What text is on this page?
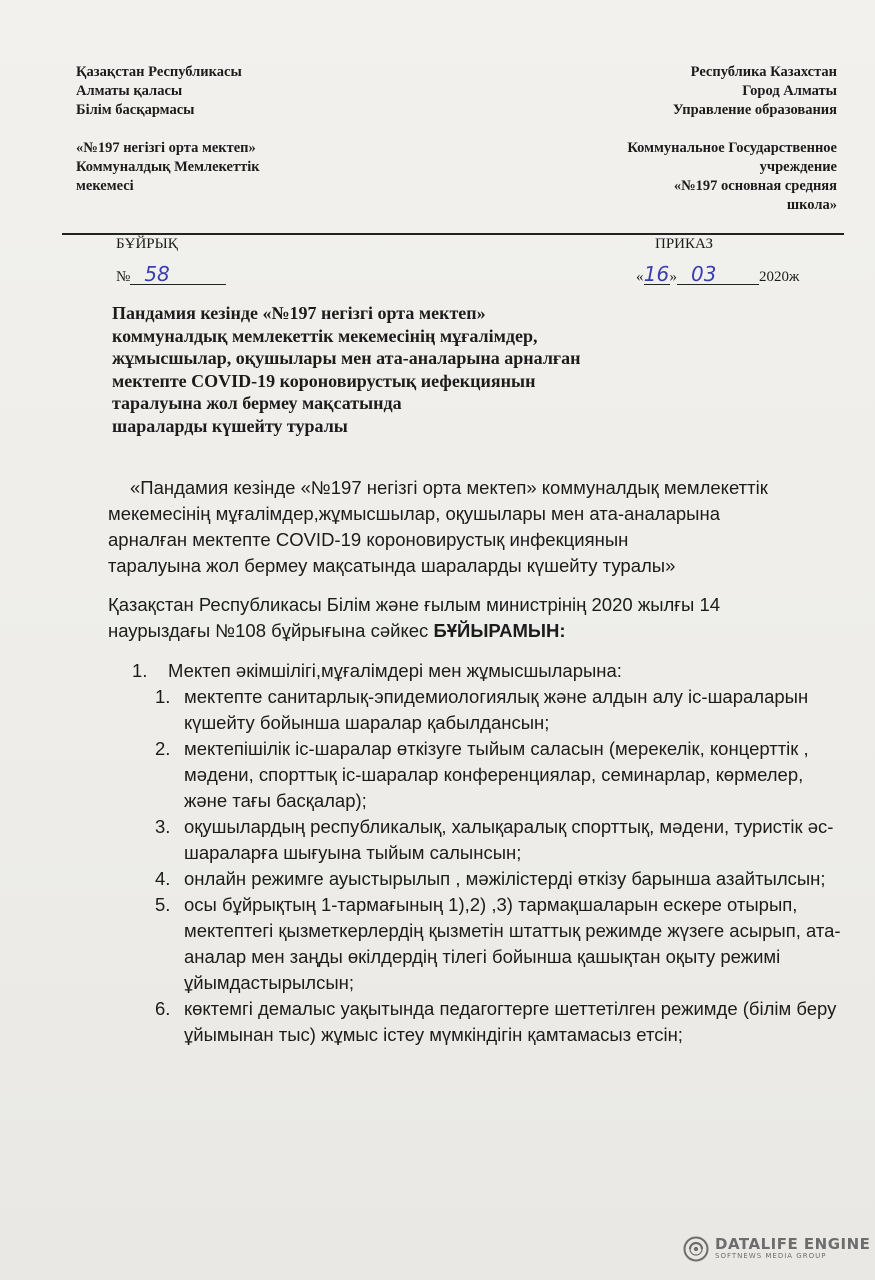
Қазақстан Республикасы
Алматы қаласы
Білім басқармасы
«№197 негізгі орта мектеп»
Коммунaлдық Мемлекеттік
мекемесі
Республика Казахстан
Город Алматы
Управление образования
Коммунальное Государственное
учреждение
«№197 основная средняя
школа»
БҰЙРЫҚ	ПРИКАЗ
№ 58	«16» 03	2020ж
Пандамия кезінде «№197 негізгі орта мектеп»
коммуналдық мемлекеттік мекемесінің мұғалімдер,
жұмысшылар, оқушылары мен ата-аналарына арналған
мектепте COVID-19 короновирустық иефекциянын
таралуына жол бермеу мақсатында
шараларды күшейту туралы
«Пандамия кезінде «№197 негізгі орта мектеп» коммуналдық мемлекеттік
мекемесінің мұғалімдер,жұмысшылар, оқушылары мен ата-аналарына
арналған мектепте COVID-19 короновирустық инфекциянын
таралуына жол бермеу мақсатында шараларды күшейту туралы»
Қазақстан Республикасы Білім және ғылым министрінің 2020 жылғы 14
наурыздағы №108 бұйрығына сәйкес БҰЙЫРАМЫН:
1. Мектеп әкімшілігі,мұғалімдері мен жұмысшыларына:
1. мектепте санитарлық-эпидемиологиялық және алдын алу іс-шараларын күшейту бойынша шаралар қабылдансын;
2. мектепішілік іс-шаралар өткізуге тыйым саласын (мерекелік, концерттік , мәдени, спорттық іс-шаралар конференциялар, семинарлар, көрмелер, және тағы басқалар);
3. оқушылардың республикалық, халықаралық спорттық, мәдени, туристік әс-шараларға шығуына тыйым салынсын;
4. онлайн режимге ауыстырылып , мәжілістерді өткізу барынша азайтылсын;
5. осы бұйрықтың 1-тармағының 1),2) ,3) тармақшаларын ескере отырып, мектептегі қызметкерлердің қызметін штаттық режимде жүзеге асырып, ата-аналар мен заңды өкілдердің тілегі бойынша қашықтан оқыту режимі ұйымдастырылсын;
6. көктемгі демалыс уақытында педагогтерге шеттетілген режимде (білім беру ұйымынан тыс) жұмыс істеу мүмкіндігін қамтамасыз етсін;
DATALIFE ENGINE
SOFTNEWS MEDIA GROUP
